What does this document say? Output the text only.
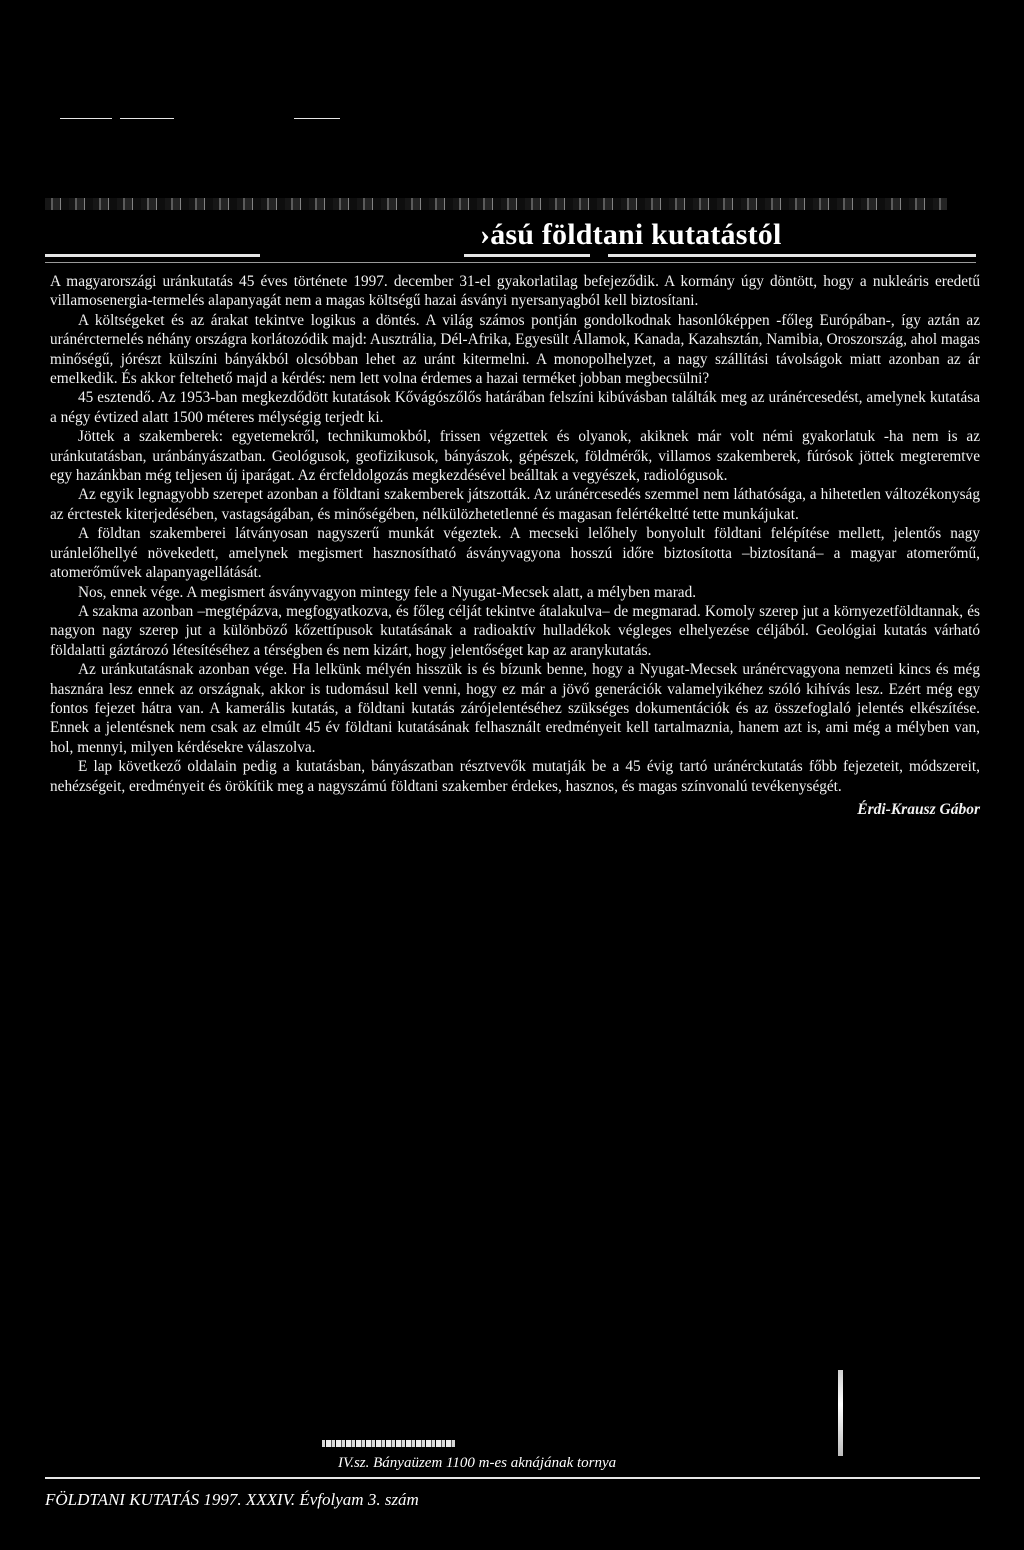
›ású földtani kutatástól

A magyarországi uránkutatás 45 éves története 1997. december 31-el gyakorlatilag befejeződik. A kormány úgy döntött, hogy a nukleáris eredetű villamosenergia-termelés alapanyagát nem a magas költségű hazai ásványi nyersanyagból kell biztosítani.

A költségeket és az árakat tekintve logikus a döntés. A világ számos pontján gondolkodnak hasonlóképpen -főleg Európában-, így aztán az uránércternelés néhány országra korlátozódik majd: Ausztrália, Dél-Afrika, Egyesült Államok, Kanada, Kazahsztán, Namibia, Oroszország, ahol magas minőségű, jórészt külszíni bányákból olcsóbban lehet az uránt kitermelni. A monopolhelyzet, a nagy szállítási távolságok miatt azonban az ár emelkedik. És akkor feltehető majd a kérdés: nem lett volna érdemes a hazai terméket jobban megbecsülni?

45 esztendő. Az 1953-ban megkezdődött kutatások Kővágószőlős határában felszíni kibúvásban találták meg az uránércesedést, amelynek kutatása a négy évtized alatt 1500 méteres mélységig terjedt ki.

Jöttek a szakemberek: egyetemekről, technikumokból, frissen végzettek és olyanok, akiknek már volt némi gyakorlatuk -ha nem is az uránkutatásban, uránbányászatban. Geológusok, geofizikusok, bányászok, gépészek, földmérők, villamos szakemberek, fúrósok jöttek megteremtve egy hazánkban még teljesen új iparágat. Az ércfeldolgozás megkezdésével beálltak a vegyészek, radiológusok.

Az egyik legnagyobb szerepet azonban a földtani szakemberek játszották. Az uránércesedés szemmel nem láthatósága, a hihetetlen változékonyság az érctestek kiterjedésében, vastagságában, és minőségében, nélkülözhetetlenné és magasan felértékeltté tette munkájukat.

A földtan szakemberei látványosan nagyszerű munkát végeztek. A mecseki lelőhely bonyolult földtani felépítése mellett, jelentős nagy uránlelőhellyé növekedett, amelynek megismert hasznosítható ásványvagyona hosszú időre biztosította –biztosítaná– a magyar atomerőmű, atomerőművek alapanyagellátását.

Nos, ennek vége. A megismert ásványvagyon mintegy fele a Nyugat-Mecsek alatt, a mélyben marad.

A szakma azonban –megtépázva, megfogyatkozva, és főleg célját tekintve átalakulva– de megmarad. Komoly szerep jut a környezetföldtannak, és nagyon nagy szerep jut a különböző kőzettípusok kutatásának a radioaktív hulladékok végleges elhelyezése céljából. Geológiai kutatás várható földalatti gáztározó létesítéséhez a térségben és nem kizárt, hogy jelentőséget kap az aranykutatás.

Az uránkutatásnak azonban vége. Ha lelkünk mélyén hisszük is és bízunk benne, hogy a Nyugat-Mecsek uránércvagyona nemzeti kincs és még hasznára lesz ennek az országnak, akkor is tudomásul kell venni, hogy ez már a jövő generációk valamelyikéhez szóló kihívás lesz. Ezért még egy fontos fejezet hátra van. A kamerális kutatás, a földtani kutatás zárójelentéséhez szükséges dokumentációk és az összefoglaló jelentés elkészítése. Ennek a jelentésnek nem csak az elmúlt 45 év földtani kutatásának felhasznált eredményeit kell tartalmaznia, hanem azt is, ami még a mélyben van, hol, mennyi, milyen kérdésekre válaszolva.

E lap következő oldalain pedig a kutatásban, bányászatban résztvevők mutatják be a 45 évig tartó uránérckutatás főbb fejezeteit, módszereit, nehézségeit, eredményeit és örökítik meg a nagyszámú földtani szakember érdekes, hasznos, és magas színvonalú tevékenységét.

Érdi-Krausz Gábor
IV.sz. Bányaüzem 1100 m-es aknájának tornya
FÖLDTANI KUTATÁS 1997. XXXIV. Évfolyam 3. szám
